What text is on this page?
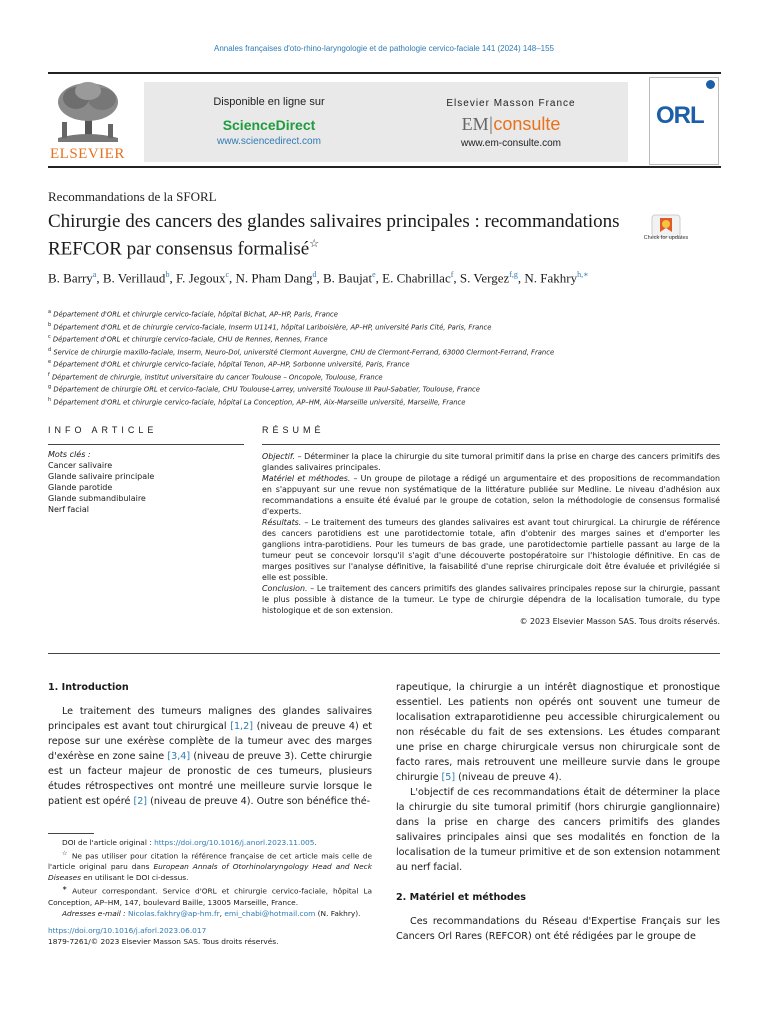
Annales françaises d'oto-rhino-laryngologie et de pathologie cervico-faciale 141 (2024) 148–155
ELSEVIER
Disponible en ligne sur
ScienceDirect
www.sciencedirect.com
Elsevier Masson France
EM|consulte
www.em-consulte.com
ORL
Recommandations de la SFORL
Chirurgie des cancers des glandes salivaires principales : recommandations REFCOR par consensus formalisé☆	Check for updates
B. Barry$^a$, B. Verillaud$^b$, F. Jegoux$^c$, N. Pham Dang$^d$, B. Baujat$^e$, E. Chabrillac$^f$, S. Vergez$^{f,g}$, N. Fakhry$^{h,∗}$
$^a$ Département d'ORL et chirurgie cervico-faciale, hôpital Bichat, AP–HP, Paris, France
$^b$ Département d'ORL et de chirurgie cervico-faciale, Inserm U1141, hôpital Lariboisière, AP–HP, université Paris Cité, Paris, France
$^c$ Département d'ORL et chirurgie cervico-faciale, CHU de Rennes, Rennes, France
$^d$ Service de chirurgie maxillo-faciale, Inserm, Neuro-Dol, université Clermont Auvergne, CHU de Clermont-Ferrand, 63000 Clermont-Ferrand, France
$^e$ Département d'ORL et chirurgie cervico-faciale, hôpital Tenon, AP–HP, Sorbonne université, Paris, France
$^f$ Département de chirurgie, institut universitaire du cancer Toulouse – Oncopole, Toulouse, France
$^g$ Département de chirurgie ORL et cervico-faciale, CHU Toulouse-Larrey, université Toulouse III Paul-Sabatier, Toulouse, France
$^h$ Département d'ORL et chirurgie cervico-faciale, hôpital La Conception, AP–HM, Aix-Marseille université, Marseille, France
INFO ARTICLE	RÉSUMÉ
Mots clés :
Cancer salivaire
Glande salivaire principale
Glande parotide
Glande submandibulaire
Nerf facial

Objectif. – Déterminer la place la chirurgie du site tumoral primitif dans la prise en charge des cancers primitifs des glandes salivaires principales.

Matériel et méthodes. – Un groupe de pilotage a rédigé un argumentaire et des propositions de recommandation en s'appuyant sur une revue non systématique de la littérature publiée sur Medline. Le niveau d'adhésion aux recommandations a ensuite été évalué par le groupe de cotation, selon la méthodologie de consensus formalisé d'experts.

Résultats. – Le traitement des tumeurs des glandes salivaires est avant tout chirurgical. La chirurgie de référence des cancers parotidiens est une parotidectomie totale, afin d'obtenir des marges saines et d'emporter les ganglions intra-parotidiens. Pour les tumeurs de bas grade, une parotidectomie partielle passant au large de la tumeur peut se concevoir lorsqu'il s'agit d'une découverte postopératoire sur l'histologie définitive. En cas de marges positives sur l'analyse définitive, la faisabilité d'une reprise chirurgicale doit être évaluée et privilégiée si elle est possible.

Conclusion. – Le traitement des cancers primitifs des glandes salivaires principales repose sur la chirurgie, passant le plus possible à distance de la tumeur. Le type de chirurgie dépendra de la localisation tumorale, du type histologique et de son extension.

© 2023 Elsevier Masson SAS. Tous droits réservés.

1. Introduction

Le traitement des tumeurs malignes des glandes salivaires principales est avant tout chirurgical [1,2] (niveau de preuve 4) et repose sur une exérèse complète de la tumeur avec des marges d'exérèse en zone saine [3,4] (niveau de preuve 3). Cette chirurgie est un facteur majeur de pronostic de ces tumeurs, plusieurs études rétrospectives ont montré une meilleure survie lorsque le patient est opéré [2] (niveau de preuve 4). Outre son bénéfice thé-

rapeutique, la chirurgie a un intérêt diagnostique et pronostique essentiel. Les patients non opérés ont souvent une tumeur de localisation extraparotidienne peu accessible chirurgicalement ou non résécable du fait de ses extensions. Les études comparant une prise en charge chirurgicale versus non chirurgicale sont de facto rares, mais retrouvent une meilleure survie dans le groupe chirurgie [5] (niveau de preuve 4).

L'objectif de ces recommandations était de déterminer la place la chirurgie du site tumoral primitif (hors chirurgie ganglionnaire) dans la prise en charge des cancers primitifs des glandes salivaires principales ainsi que ses modalités en fonction de la localisation de la tumeur primitive et de son extension notamment au nerf facial.

2. Matériel et méthodes

Ces recommandations du Réseau d'Expertise Français sur les Cancers Orl Rares (REFCOR) ont été rédigées par le groupe de

DOI de l'article original : https://doi.org/10.1016/j.anorl.2023.11.005.

☆ Ne pas utiliser pour citation la référence française de cet article mais celle de l'article original paru dans European Annals of Otorhinolaryngology Head and Neck Diseases en utilisant le DOI ci-dessus.

∗ Auteur correspondant. Service d'ORL et chirurgie cervico-faciale, hôpital La Conception, AP–HM, 147, boulevard Baille, 13005 Marseille, France.

Adresses e-mail : Nicolas.fakhry@ap-hm.fr, emi_chabi@hotmail.com (N. Fakhry).

https://doi.org/10.1016/j.aforl.2023.06.017
1879-7261/© 2023 Elsevier Masson SAS. Tous droits réservés.
